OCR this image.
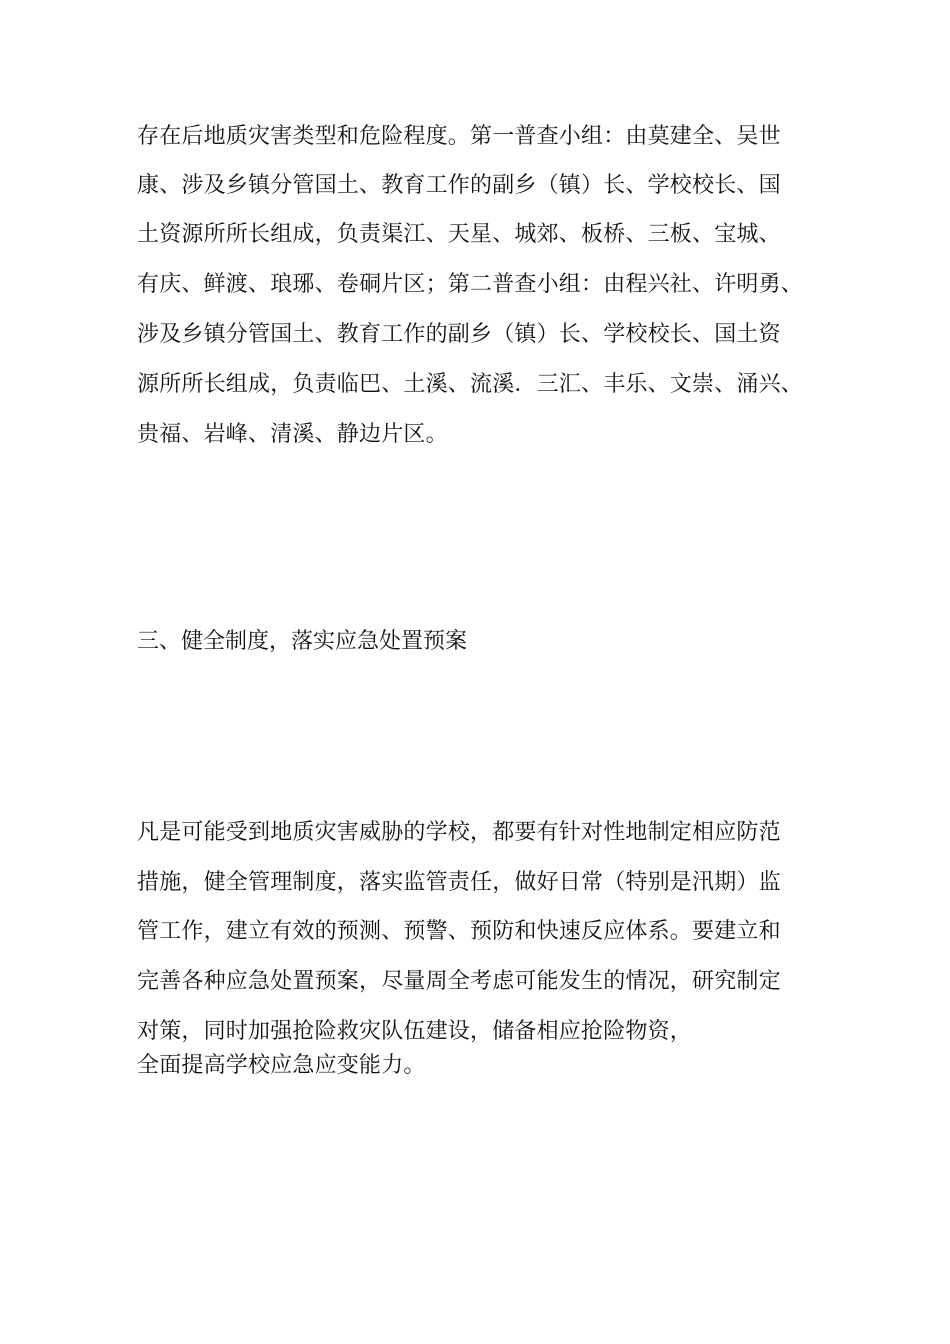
存在后地质灾害类型和危险程度。第一普查小组：由莫建全、吴世
康、涉及乡镇分管国土、教育工作的副乡（镇）长、学校校长、国
土资源所所长组成，负责渠江、天星、城郊、板桥、三板、宝城、
有庆、鲜渡、琅琊、卷硐片区；第二普查小组：由程兴社、许明勇、
涉及乡镇分管国土、教育工作的副乡（镇）长、学校校长、国土资
源所所长组成，负责临巴、土溪、流溪．三汇、丰乐、文崇、涌兴、
贵福、岩峰、清溪、静边片区。
三、健全制度，落实应急处置预案
凡是可能受到地质灾害威胁的学校，都要有针对性地制定相应防范
措施，健全管理制度，落实监管责任，做好日常（特别是汛期）监
管工作，建立有效的预测、预警、预防和快速反应体系。要建立和
完善各种应急处置预案，尽量周全考虑可能发生的情况，研究制定
对策，同时加强抢险救灾队伍建设，储备相应抢险物资，
全面提高学校应急应变能力。
